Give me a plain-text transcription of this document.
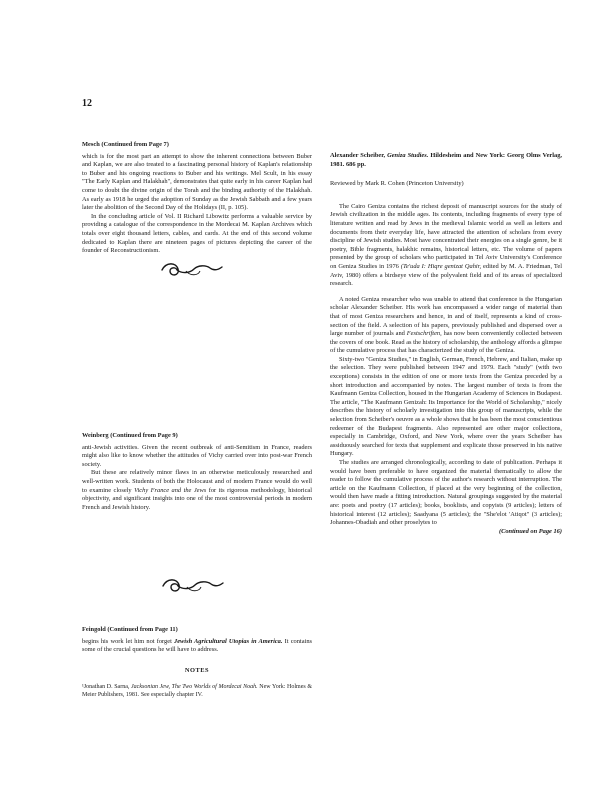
12

Mesch (Continued from Page 7)

which is for the most part an attempt to show the inherent connections between Buber and Kaplan, we are also treated to a fascinating personal history of Kaplan's relationship to Buber and his ongoing reactions to Buber and his writings. Mel Scult, in his essay "The Early Kaplan and Halakhah", demonstrates that quite early in his career Kaplan had come to doubt the divine origin of the Torah and the binding authority of the Halakhah. As early as 1918 he urged the adoption of Sunday as the Jewish Sabbath and a few years later the abolition of the Second Day of the Holidays (II, p. 105).

In the concluding article of Vol. II Richard Libowitz performs a valuable service by providing a catalogue of the correspondence in the Mordecai M. Kaplan Archives which totals over eight thousand letters, cables, and cards. At the end of this second volume dedicated to Kaplan there are nineteen pages of pictures depicting the career of the founder of Reconstructionism.

Weinberg (Continued from Page 9)

anti-Jewish activities. Given the recent outbreak of anti-Semitism in France, readers might also like to know whether the attitudes of Vichy carried over into post-war French society.

But these are relatively minor flaws in an otherwise meticulously researched and well-written work. Students of both the Holocaust and of modern France would do well to examine closely Vichy France and the Jews for its rigorous methodology, historical objectivity, and significant insights into one of the most controversial periods in modern French and Jewish history.

Feingold (Continued from Page 11)

begins his work let him not forget Jewish Agricultural Utopias in America. It contains some of the crucial questions he will have to address.

NOTES

¹Jonathan D. Sarna, Jacksonian Jew, The Two Worlds of Mordecai Noah. New York: Holmes & Meier Publishers, 1981. See especially chapter IV.

Alexander Scheiber, Geniza Studies. Hildesheim and New York: Georg Olms Verlag, 1981. 686 pp.

Reviewed by Mark R. Cohen (Princeton University)

The Cairo Geniza contains the richest deposit of manuscript sources for the study of Jewish civilization in the middle ages. Its contents, including fragments of every type of literature written and read by Jews in the medieval Islamic world as well as letters and documents from their everyday life, have attracted the attention of scholars from every discipline of Jewish studies. Most have concentrated their energies on a single genre, be it poetry, Bible fragments, halakhic remains, historical letters, etc. The volume of papers presented by the group of scholars who participated in Tel Aviv University's Conference on Geniza Studies in 1976 (Te'uda I: Hiqre genizat Qahir, edited by M. A. Friedman, Tel Aviv, 1980) offers a birdseye view of the polyvalent field and of its areas of specialized research.

A noted Geniza researcher who was unable to attend that conference is the Hungarian scholar Alexander Scheiber. His work has encompassed a wider range of material than that of most Geniza researchers and hence, in and of itself, represents a kind of cross-section of the field. A selection of his papers, previously published and dispersed over a large number of journals and Festschriften, has now been conveniently collected between the covers of one book. Read as the history of scholarship, the anthology affords a glimpse of the cumulative process that has characterized the study of the Geniza.

Sixty-two "Geniza Studies," in English, German, French, Hebrew, and Italian, make up the selection. They were published between 1947 and 1979. Each "study" (with two exceptions) consists in the edition of one or more texts from the Geniza preceded by a short introduction and accompanied by notes. The largest number of texts is from the Kaufmann Geniza Collection, housed in the Hungarian Academy of Sciences in Budapest. The article, "The Kaufmann Genizah: Its Importance for the World of Scholarship," nicely describes the history of scholarly investigation into this group of manuscripts, while the selection from Scheiber's oeuvre as a whole shows that he has been the most conscientious redeemer of the Budapest fragments. Also represented are other major collections, especially in Cambridge, Oxford, and New York, where over the years Scheiber has assiduously searched for texts that supplement and explicate those preserved in his native Hungary.

The studies are arranged chronologically, according to date of publication. Perhaps it would have been preferable to have organized the material thematically to allow the reader to follow the cumulative process of the author's research without interruption. The article on the Kaufmann Collection, if placed at the very beginning of the collection, would then have made a fitting introduction. Natural groupings suggested by the material are: poets and poetry (17 articles); books, booklists, and copyists (9 articles); letters of historical interest (12 articles); Saadyana (5 articles); the "She'elot 'Atiqot" (3 articles); Johannes-Obadiah and other proselytes to

(Continued on Page 16)
